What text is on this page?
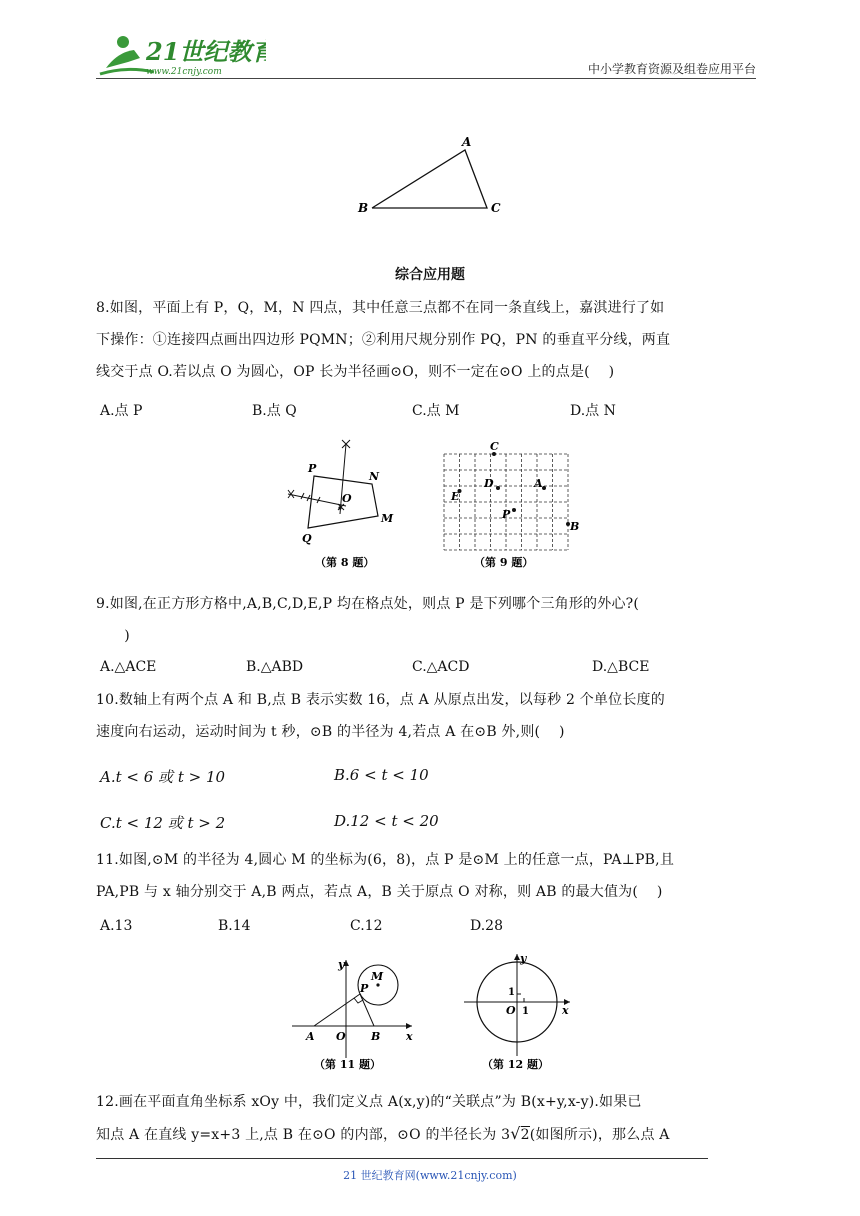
21世纪教育
www.21cnjy.com	中小学教育资源及组卷应用平台
A
B	C
综合应用题
8.如图，平面上有 P，Q，M，N 四点，其中任意三点都不在同一条直线上，嘉淇进行了如
下操作：①连接四点画出四边形 PQMN；②利用尺规分别作 PQ，PN 的垂直平分线，两直
线交于点 O.若以点 O 为圆心，OP 长为半径画⊙O，则不一定在⊙O 上的点是(　 )
A.点 P	B.点 Q	C.点 M	D.点 N
P
N
O
Q
M
（第 8 题）
C
E
D	A
P
B
（第 9 题）
9.如图,在正方形方格中,A,B,C,D,E,P 均在格点处，则点 P 是下列哪个三角形的外心?(
　)
A.△ACE	B.△ABD	C.△ACD	D.△BCE
10.数轴上有两个点 A 和 B,点 B 表示实数 16，点 A 从原点出发，以每秒 2 个单位长度的
速度向右运动，运动时间为 t 秒，⊙B 的半径为 4,若点 A 在⊙B 外,则(　 )
A.t < 6 或 t > 10	B.6 < t < 10
C.t < 12 或 t > 2	D.12 < t < 20
11.如图,⊙M 的半径为 4,圆心 M 的坐标为(6，8)，点 P 是⊙M 上的任意一点，PA⊥PB,且
PA,PB 与 x 轴分别交于 A,B 两点，若点 A，B 关于原点 O 对称，则 AB 的最大值为(　 )
A.13	B.14	C.12	D.28
y
M
P
A O B x
（第 11 题）
y
1
O 1	x
（第 12 题）
12.画在平面直角坐标系 xOy 中，我们定义点 A(x,y)的“关联点”为 B(x+y,x-y).如果已
知点 A 在直线 y=x+3 上,点 B 在⊙O 的内部，⊙O 的半径长为 3√2(如图所示)，那么点 A
21 世纪教育网(www.21cnjy.com)
